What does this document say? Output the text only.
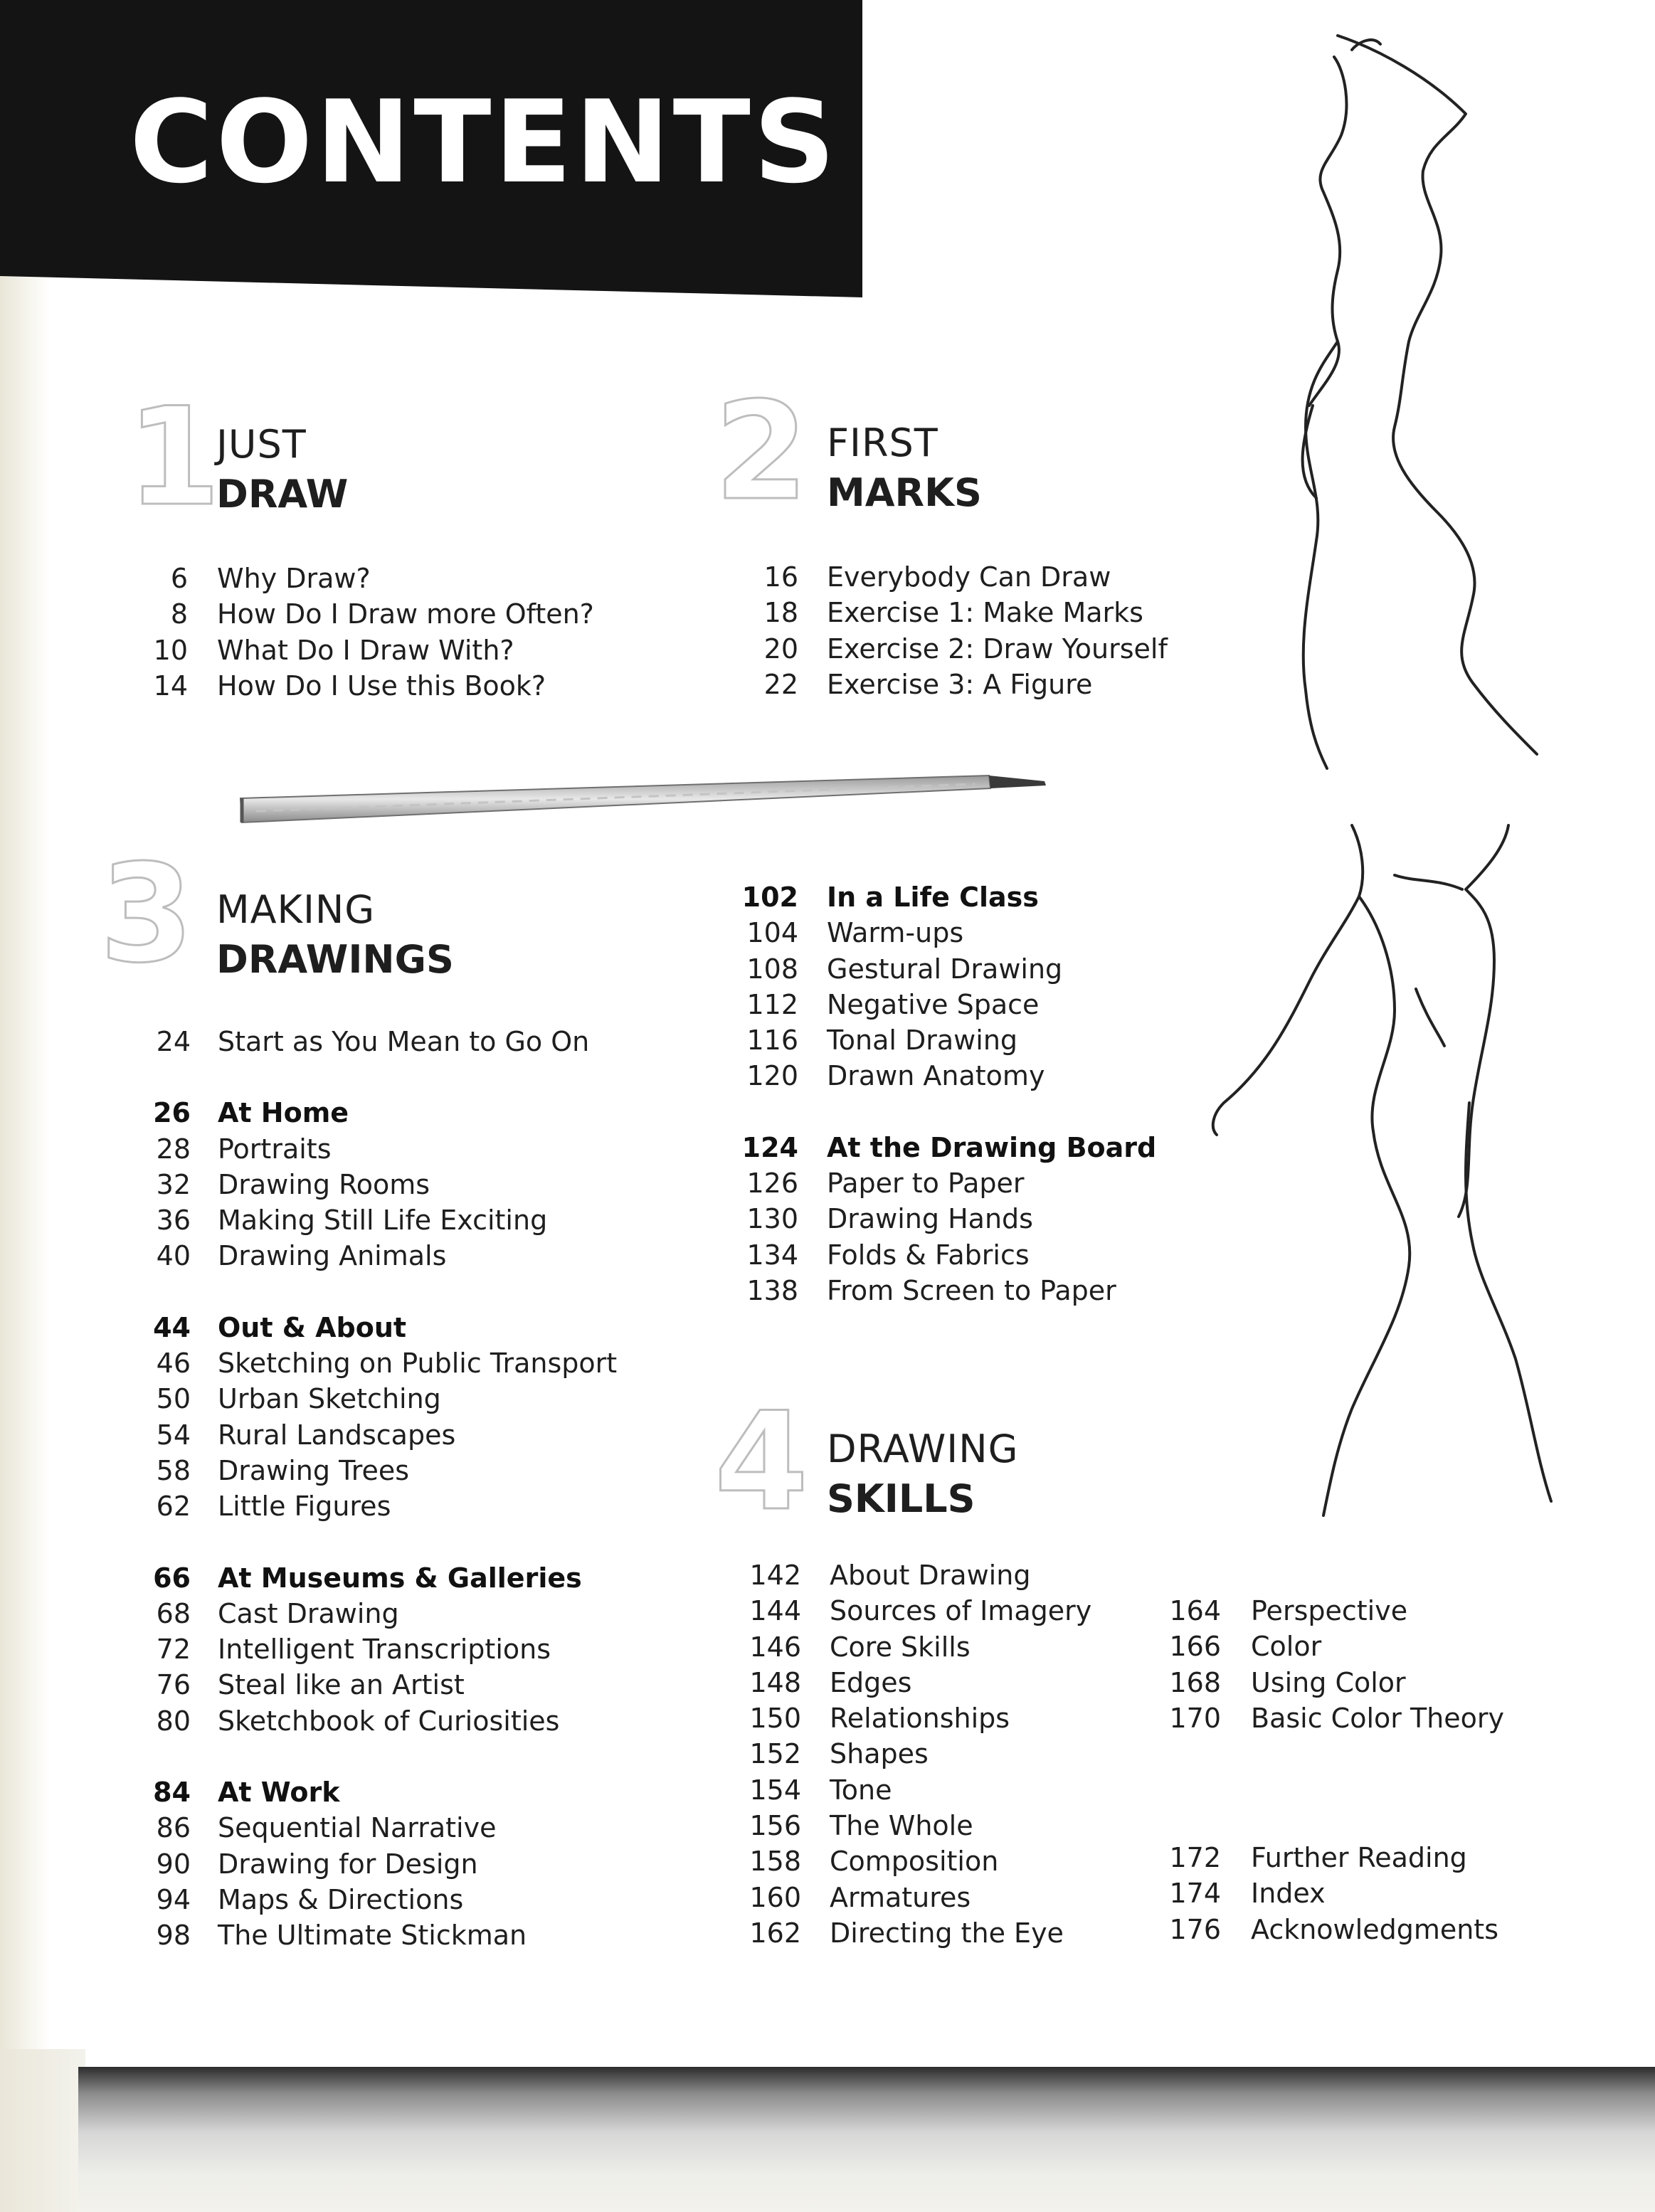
CONTENTS
1
JUST
DRAW
6 Why Draw?
8 How Do I Draw more Often?
10 What Do I Draw With?
14 How Do I Use this Book?
2 FIRST
MARKS
16 Everybody Can Draw
18 Exercise 1: Make Marks
20 Exercise 2: Draw Yourself
22 Exercise 3: A Figure
3 MAKING
DRAWINGS
24 Start as You Mean to Go On
26 At Home
28 Portraits
32 Drawing Rooms
36 Making Still Life Exciting
40 Drawing Animals
44 Out & About
46 Sketching on Public Transport
50 Urban Sketching
54 Rural Landscapes
58 Drawing Trees
62 Little Figures
66 At Museums & Galleries
68 Cast Drawing
72 Intelligent Transcriptions
76 Steal like an Artist
80 Sketchbook of Curiosities
84 At Work
86 Sequential Narrative
90 Drawing for Design
94 Maps & Directions
98 The Ultimate Stickman
102 In a Life Class
104 Warm-ups
108 Gestural Drawing
112 Negative Space
116 Tonal Drawing
120 Drawn Anatomy
124 At the Drawing Board
126 Paper to Paper
130 Drawing Hands
134 Folds & Fabrics
138 From Screen to Paper
4 DRAWING
SKILLS
142 About Drawing
144 Sources of Imagery
146 Core Skills
148 Edges
150 Relationships
152 Shapes
154 Tone
156 The Whole
158 Composition
160 Armatures
162 Directing the Eye
164 Perspective
166 Color
168 Using Color
170 Basic Color Theory
172 Further Reading
174 Index
176 Acknowledgments
